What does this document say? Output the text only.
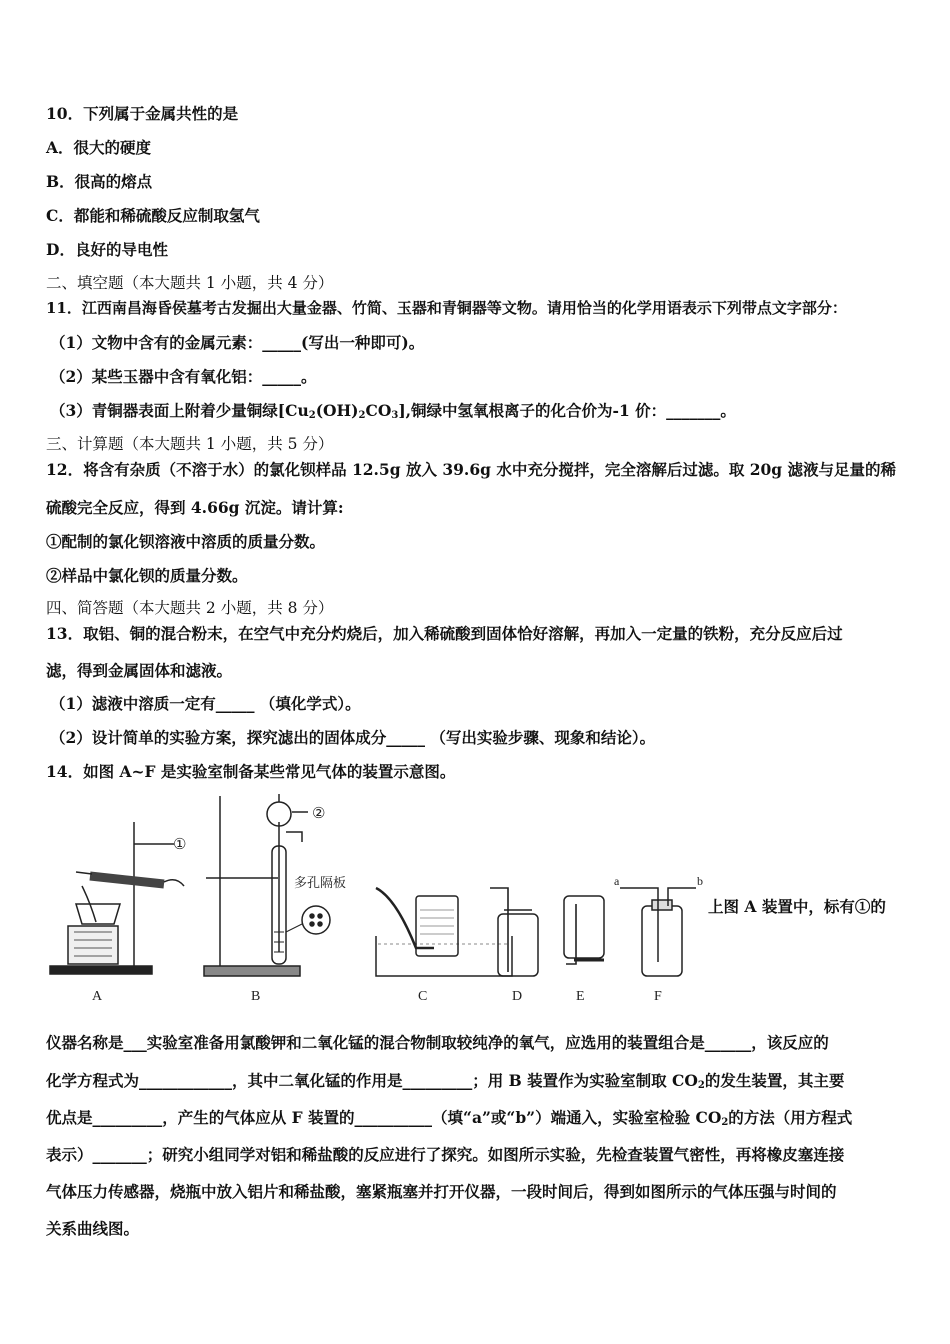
10．下列属于金属共性的是
A．很大的硬度
B．很高的熔点
C．都能和稀硫酸反应制取氢气
D．良好的导电性
二、填空题（本大题共 1 小题，共 4 分）
11．江西南昌海昏侯墓考古发掘出大量金器、竹简、玉器和青铜器等文物。请用恰当的化学用语表示下列带点文字部分：
（1）文物中含有的金属元素：_____(写出一种即可)。
（2）某些玉器中含有氧化铝：_____。
（3）青铜器表面上附着少量铜绿$[Cu_2(OH)_2CO_3]$,铜绿中氢氧根离子的化合价为-1 价：_______。
三、计算题（本大题共 1 小题，共 5 分）
12．将含有杂质（不溶于水）的氯化钡样品 12.5g 放入 39.6g 水中充分搅拌，完全溶解后过滤。取 20g 滤液与足量的稀
硫酸完全反应，得到 4.66g 沉淀。请计算:
①配制的氯化钡溶液中溶质的质量分数。
②样品中氯化钡的质量分数。
四、简答题（本大题共 2 小题，共 8 分）
13．取铝、铜的混合粉末，在空气中充分灼烧后，加入稀硫酸到固体恰好溶解，再加入一定量的铁粉，充分反应后过
滤，得到金属固体和滤液。
（1）滤液中溶质一定有_____ （填化学式）。
（2）设计简单的实验方案，探究滤出的固体成分_____ （写出实验步骤、现象和结论）。
14．如图 A~F 是实验室制备某些常见气体的装置示意图。
①
②
多孔隔板	a	b
A	B	C	D	E	F
上图 A 装置中，标有①的
仪器名称是___实验室准备用氯酸钾和二氧化锰的混合物制取较纯净的氧气，应选用的装置组合是______，该反应的
化学方程式为____________，其中二氧化锰的作用是_________；用 B 装置作为实验室制取 $CO_2$的发生装置，其主要
优点是_________，产生的气体应从 F 装置的__________（填“a”或“b”）端通入，实验室检验 $CO_2$的方法（用方程式
表示）_______；研究小组同学对铝和稀盐酸的反应进行了探究。如图所示实验，先检查装置气密性，再将橡皮塞连接
气体压力传感器，烧瓶中放入铝片和稀盐酸，塞紧瓶塞并打开仪器，一段时间后，得到如图所示的气体压强与时间的
关系曲线图。
